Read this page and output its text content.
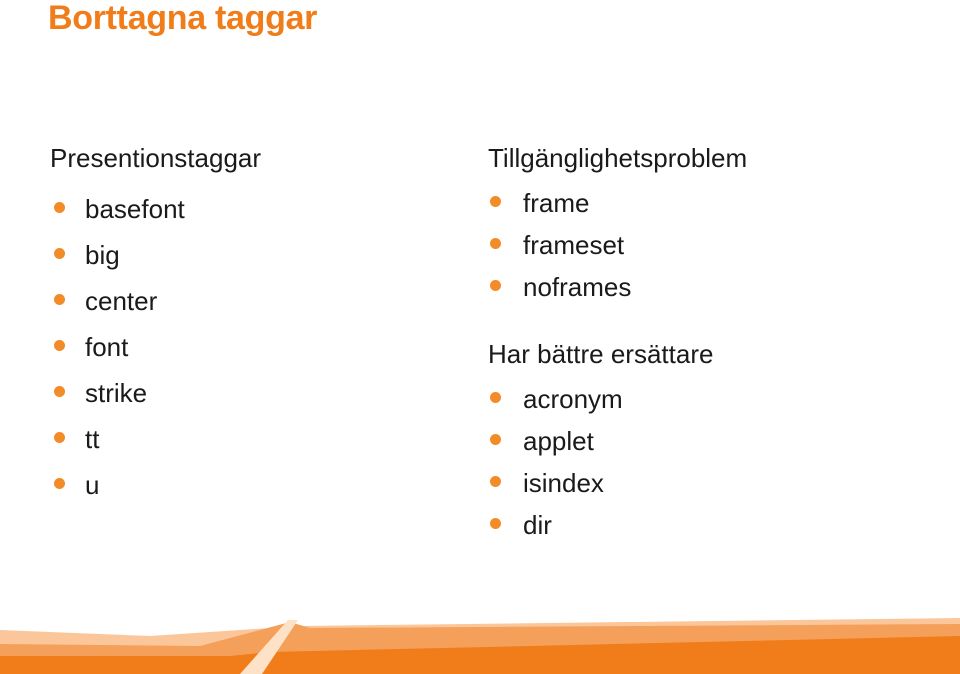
Borttagna taggar
Presentionstaggar
basefont
big
center
font
strike
tt
u
Tillgänglighetsproblem
frame
frameset
noframes
Har bättre ersättare
acronym
applet
isindex
dir
